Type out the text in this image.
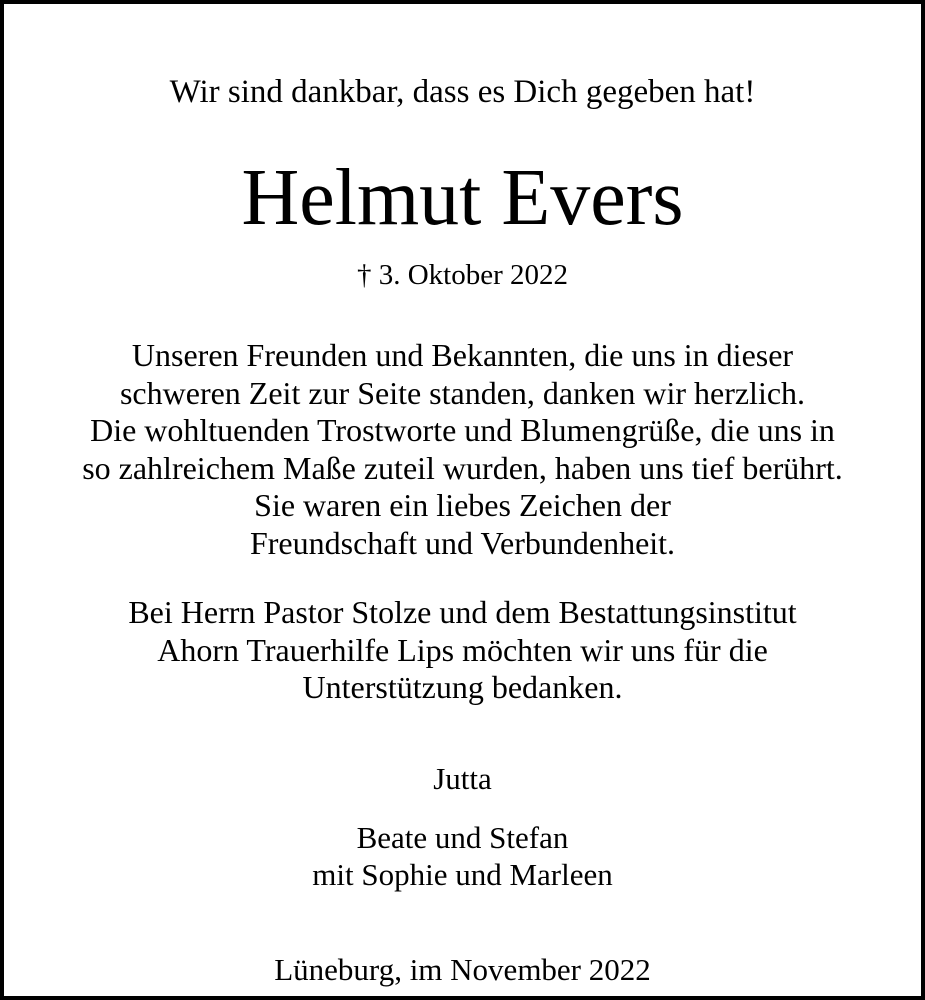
Wir sind dankbar, dass es Dich gegeben hat!

Helmut Evers

† 3. Oktober 2022

Unseren Freunden und Bekannten, die uns in dieser
schweren Zeit zur Seite standen, danken wir herzlich.
Die wohltuenden Trostworte und Blumengrüße, die uns in
so zahlreichem Maße zuteil wurden, haben uns tief berührt.
Sie waren ein liebes Zeichen der
Freundschaft und Verbundenheit.

Bei Herrn Pastor Stolze und dem Bestattungsinstitut
Ahorn Trauerhilfe Lips möchten wir uns für die
Unterstützung bedanken.

Jutta

Beate und Stefan
mit Sophie und Marleen

Lüneburg, im November 2022
